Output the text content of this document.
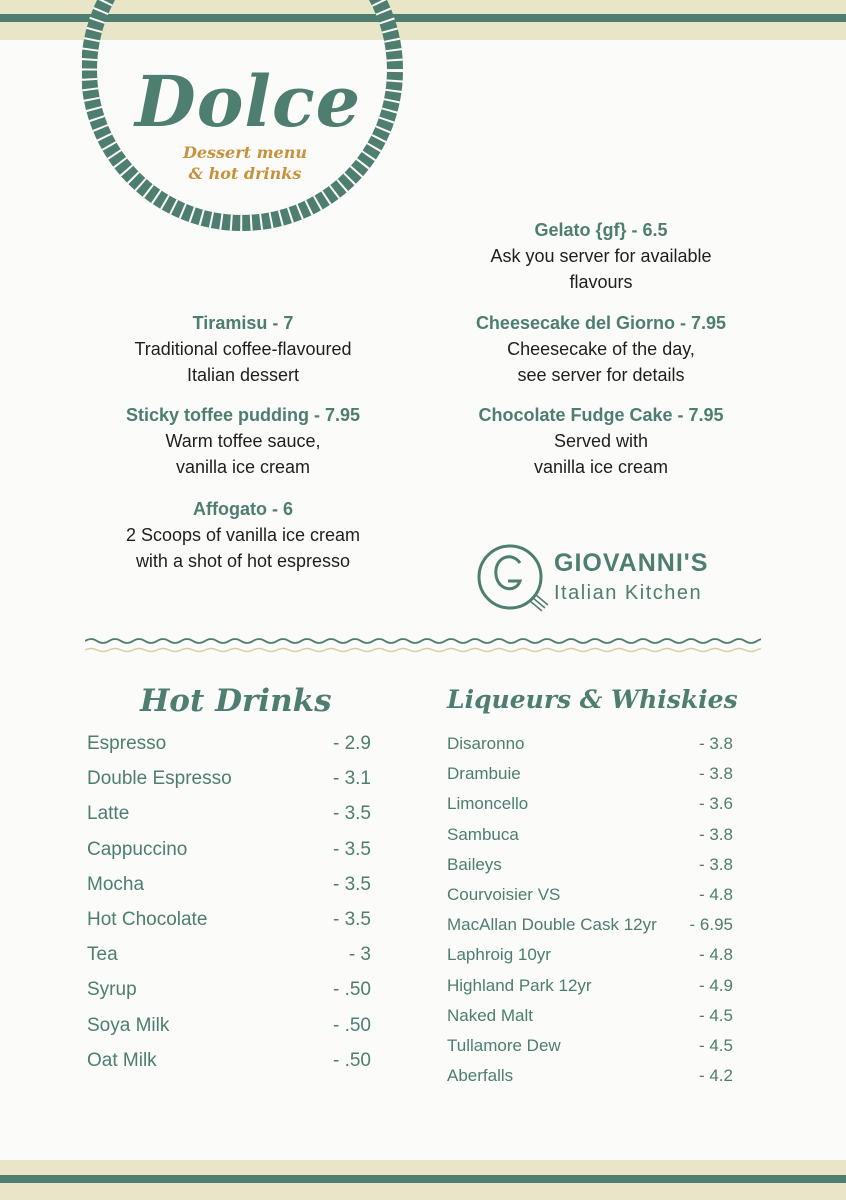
Dolce
Dessert menu
& hot drinks
Tiramisu - 7
Traditional coffee-flavoured
Italian dessert
Sticky toffee pudding - 7.95
Warm toffee sauce,
vanilla ice cream
Affogato - 6
2 Scoops of vanilla ice cream
with a shot of hot espresso
Gelato {gf} - 6.5
Ask you server for available
flavours
Cheesecake del Giorno - 7.95
Cheesecake of the day,
see server for details
Chocolate Fudge Cake - 7.95
Served with
vanilla ice cream
GIOVANNI'S
Italian Kitchen
Hot Drinks
Espresso	- 2.9
Double Espresso	- 3.1
Latte	- 3.5
Cappuccino	- 3.5
Mocha	- 3.5
Hot Chocolate	- 3.5
Tea	- 3
Syrup	- .50
Soya Milk	- .50
Oat Milk	- .50
Liqueurs & Whiskies
Disaronno	- 3.8
Drambuie	- 3.8
Limoncello	- 3.6
Sambuca	- 3.8
Baileys	- 3.8
Courvoisier VS	- 4.8
MacAllan Double Cask 12yr - 6.95
Laphroig 10yr	- 4.8
Highland Park 12yr	- 4.9
Naked Malt	- 4.5
Tullamore Dew	- 4.5
Aberfalls	- 4.2
